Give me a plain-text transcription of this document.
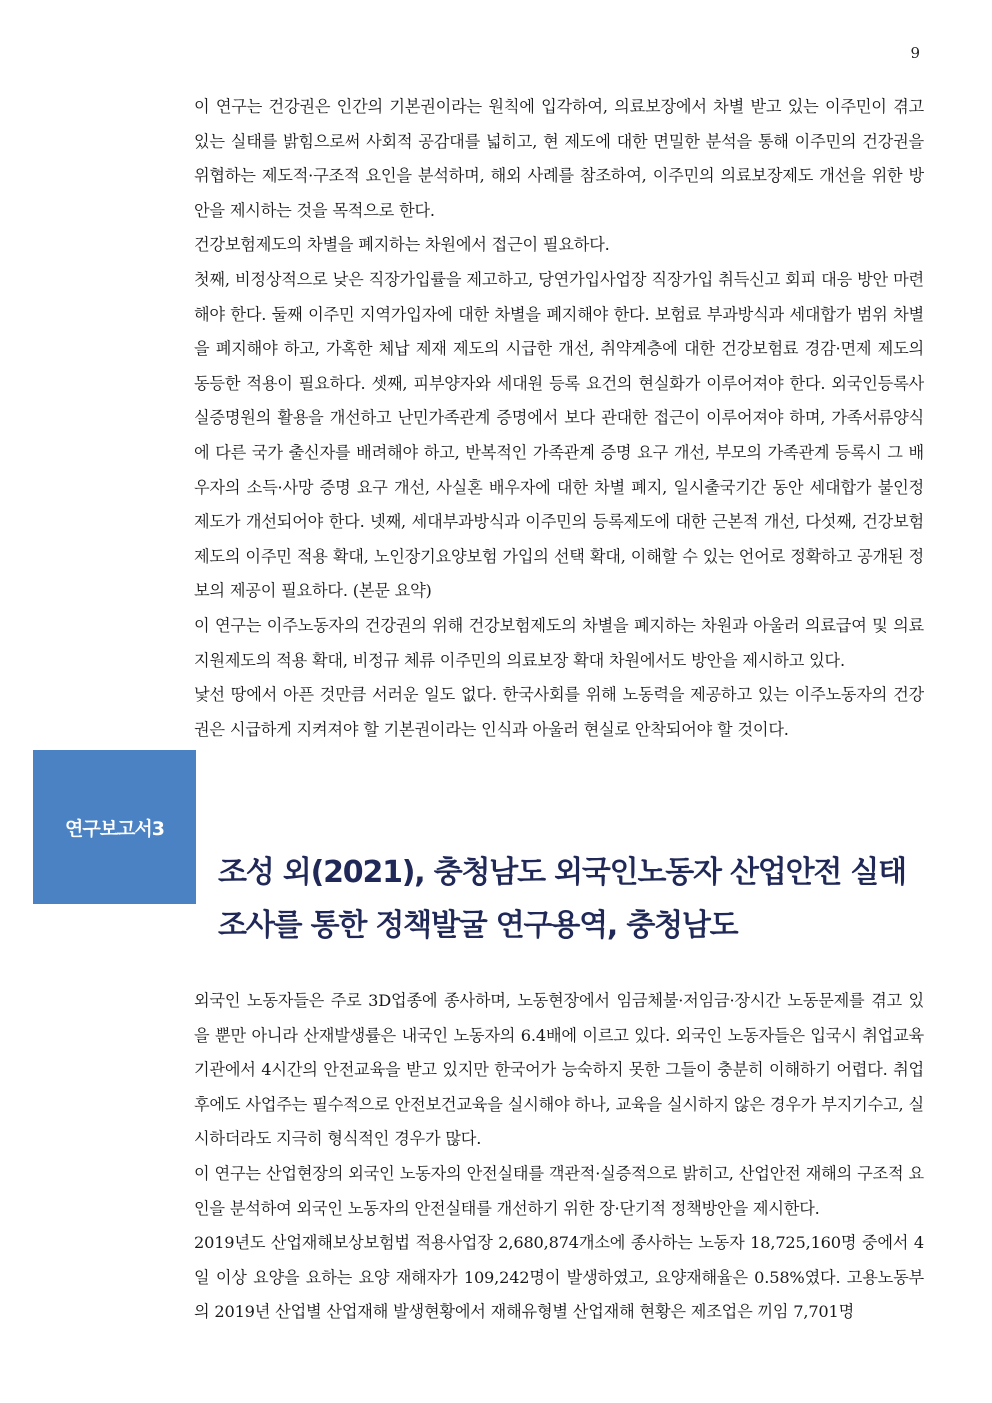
9

이 연구는 건강권은 인간의 기본권이라는 원칙에 입각하여, 의료보장에서 차별 받고 있는 이주민이 겪고 있는 실태를 밝힘으로써 사회적 공감대를 넓히고, 현 제도에 대한 면밀한 분석을 통해 이주민의 건강권을 위협하는 제도적·구조적 요인을 분석하며, 해외 사례를 참조하여, 이주민의 의료보장제도 개선을 위한 방안을 제시하는 것을 목적으로 한다.

건강보험제도의 차별을 폐지하는 차원에서 접근이 필요하다.

첫째, 비정상적으로 낮은 직장가입률을 제고하고, 당연가입사업장 직장가입 취득신고 회피 대응 방안 마련해야 한다. 둘째 이주민 지역가입자에 대한 차별을 폐지해야 한다. 보험료 부과방식과 세대합가 범위 차별을 폐지해야 하고, 가혹한 체납 제재 제도의 시급한 개선, 취약계층에 대한 건강보험료 경감·면제 제도의 동등한 적용이 필요하다. 셋째, 피부양자와 세대원 등록 요건의 현실화가 이루어져야 한다. 외국인등록사실증명원의 활용을 개선하고 난민가족관계 증명에서 보다 관대한 접근이 이루어져야 하며, 가족서류양식에 다른 국가 출신자를 배려해야 하고, 반복적인 가족관계 증명 요구 개선, 부모의 가족관계 등록시 그 배우자의 소득·사망 증명 요구 개선, 사실혼 배우자에 대한 차별 폐지, 일시출국기간 동안 세대합가 불인정 제도가 개선되어야 한다. 넷째, 세대부과방식과 이주민의 등록제도에 대한 근본적 개선, 다섯째, 건강보험제도의 이주민 적용 확대, 노인장기요양보험 가입의 선택 확대, 이해할 수 있는 언어로 정확하고 공개된 정보의 제공이 필요하다. (본문 요약)

이 연구는 이주노동자의 건강권의 위해 건강보험제도의 차별을 폐지하는 차원과 아울러 의료급여 및 의료지원제도의 적용 확대, 비정규 체류 이주민의 의료보장 확대 차원에서도 방안을 제시하고 있다.

낯선 땅에서 아픈 것만큼 서러운 일도 없다. 한국사회를 위해 노동력을 제공하고 있는 이주노동자의 건강권은 시급하게 지켜져야 할 기본권이라는 인식과 아울러 현실로 안착되어야 할 것이다.

연구보고서3
조성 외(2021), 충청남도 외국인노동자 산업안전 실태조사를 통한 정책발굴 연구용역, 충청남도

외국인 노동자들은 주로 3D업종에 종사하며, 노동현장에서 임금체불·저임금·장시간 노동문제를 겪고 있을 뿐만 아니라 산재발생률은 내국인 노동자의 6.4배에 이르고 있다. 외국인 노동자들은 입국시 취업교육기관에서 4시간의 안전교육을 받고 있지만 한국어가 능숙하지 못한 그들이 충분히 이해하기 어렵다. 취업 후에도 사업주는 필수적으로 안전보건교육을 실시해야 하나, 교육을 실시하지 않은 경우가 부지기수고, 실시하더라도 지극히 형식적인 경우가 많다.

이 연구는 산업현장의 외국인 노동자의 안전실태를 객관적·실증적으로 밝히고, 산업안전 재해의 구조적 요인을 분석하여 외국인 노동자의 안전실태를 개선하기 위한 장·단기적 정책방안을 제시한다.

2019년도 산업재해보상보험법 적용사업장 2,680,874개소에 종사하는 노동자 18,725,160명 중에서 4일 이상 요양을 요하는 요양 재해자가 109,242명이 발생하였고, 요양재해율은 0.58%였다. 고용노동부의 2019년 산업별 산업재해 발생현황에서 재해유형별 산업재해 현황은 제조업은 끼임 7,701명
